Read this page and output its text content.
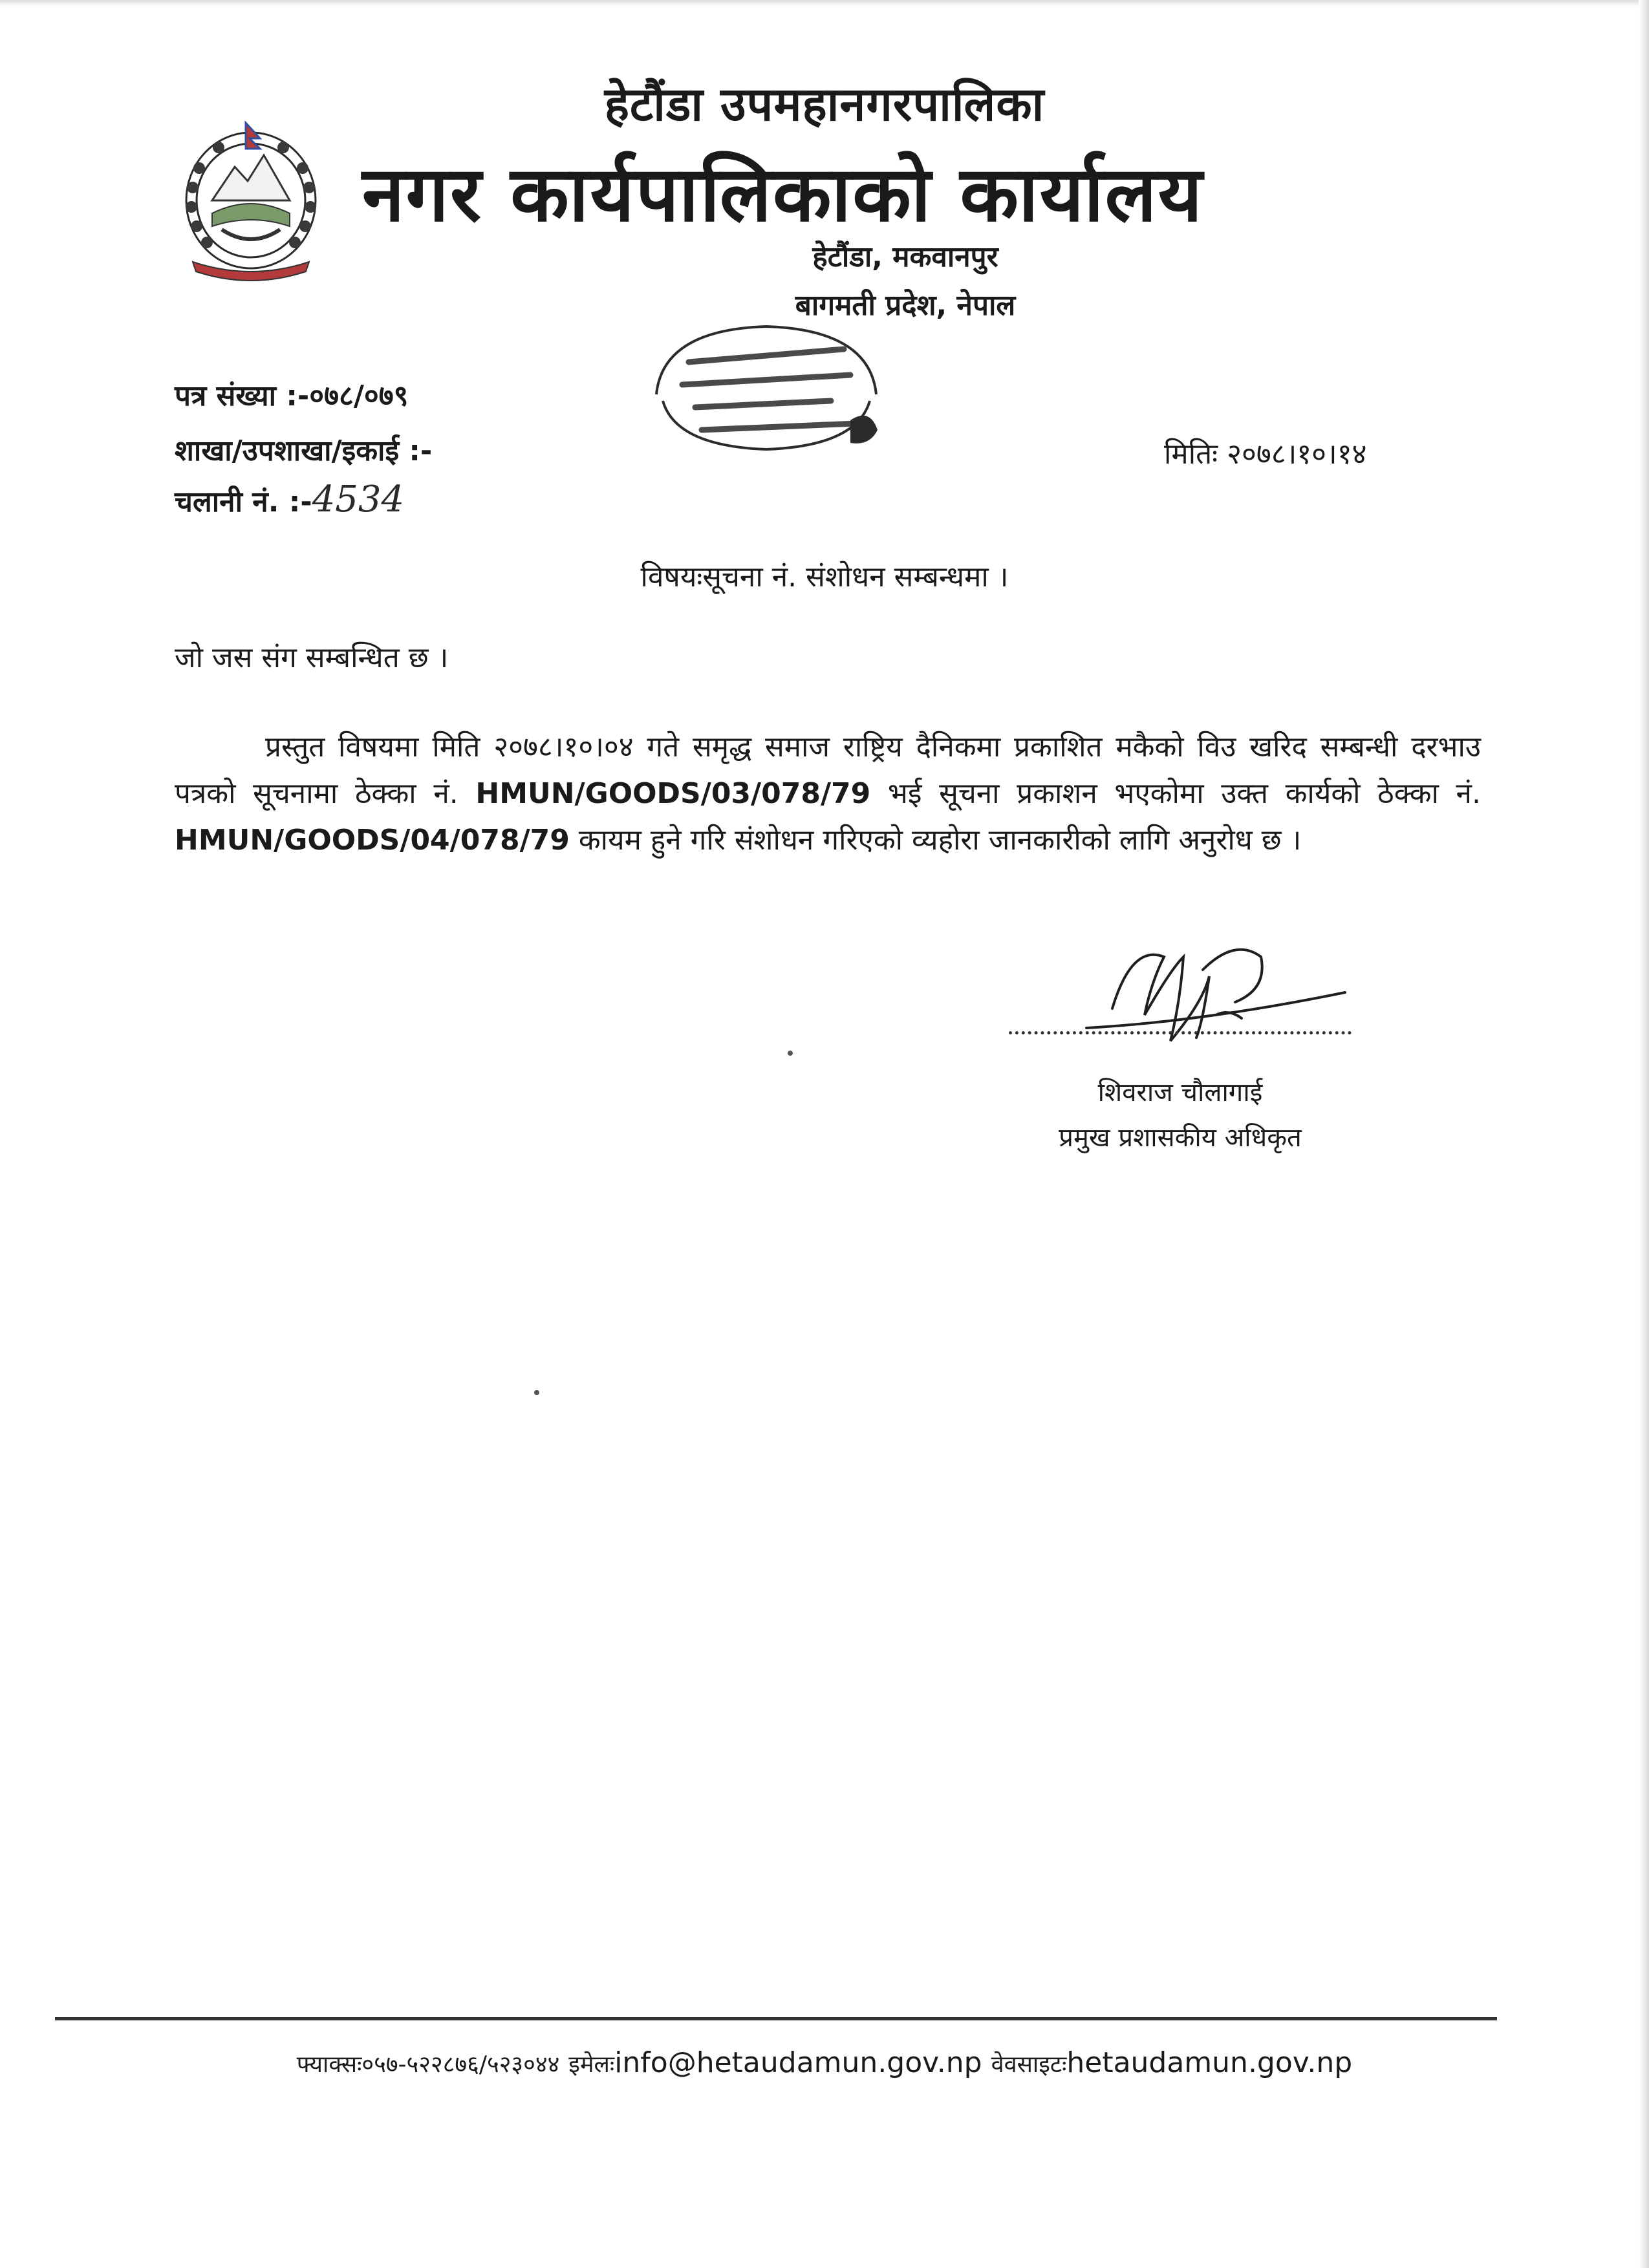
हेटौंडा उपमहानगरपालिका
नगर कार्यपालिकाको कार्यालय
हेटौंडा, मकवानपुर
बागमती प्रदेश, नेपाल
पत्र संख्या :-०७८/०७९
शाखा/उपशाखा/इकाई :-
चलानी नं. :-4534
मितिः २०७८।१०।१४
विषयःसूचना नं. संशोधन सम्बन्धमा ।
जो जस संग सम्बन्धित छ ।
प्रस्तुत विषयमा मिति २०७८।१०।०४ गते समृद्ध समाज राष्ट्रिय दैनिकमा प्रकाशित मकैको विउ खरिद सम्बन्धी दरभाउ पत्रको सूचनामा ठेक्का नं. HMUN/GOODS/03/078/79 भई सूचना प्रकाशन भएकोमा उक्त कार्यको ठेक्का नं. HMUN/GOODS/04/078/79 कायम हुने गरि संशोधन गरिएको व्यहोरा जानकारीको लागि अनुरोध छ ।
शिवराज चौलागाई
प्रमुख प्रशासकीय अधिकृत
फ्याक्सः०५७-५२२८७६/५२३०४४ इमेलःinfo@hetaudamun.gov.np वेवसाइटःhetaudamun.gov.np
